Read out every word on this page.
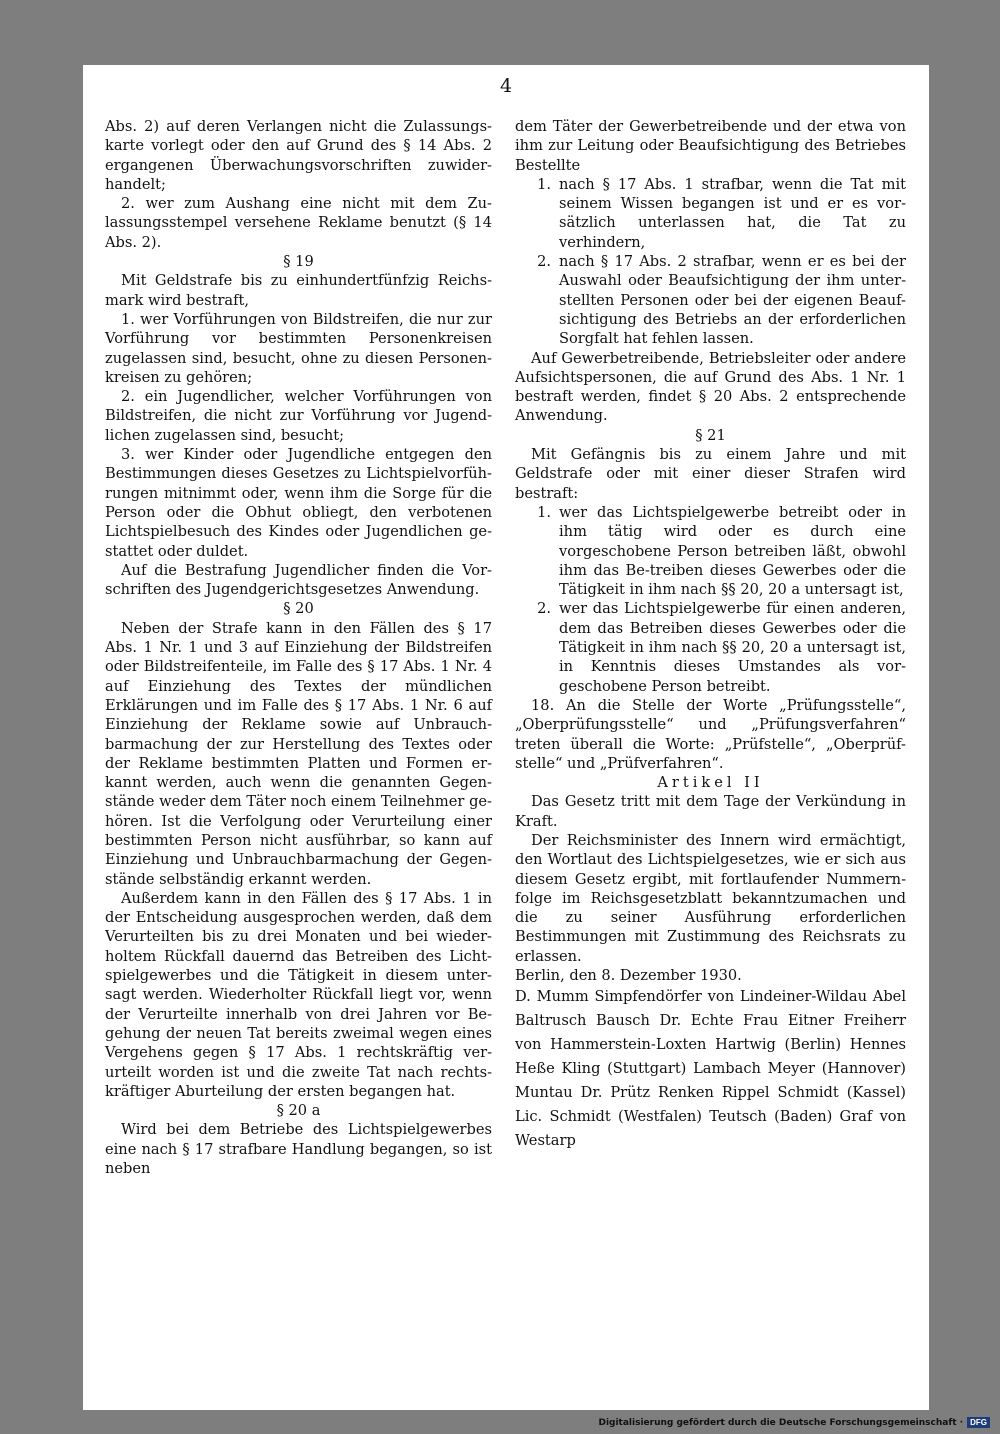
4

Abs. 2) auf deren Verlangen nicht die Zulassungs-karte vorlegt oder den auf Grund des § 14 Abs. 2 ergangenen Überwachungsvorschriften zuwider-handelt;

2. wer zum Aushang eine nicht mit dem Zu-lassungsstempel versehene Reklame benutzt (§ 14 Abs. 2).

§ 19

Mit Geldstrafe bis zu einhundertfünfzig Reichs-mark wird bestraft,

1. wer Vorführungen von Bildstreifen, die nur zur Vorführung vor bestimmten Personenkreisen zugelassen sind, besucht, ohne zu diesen Personen-kreisen zu gehören;

2. ein Jugendlicher, welcher Vorführungen von Bildstreifen, die nicht zur Vorführung vor Jugend-lichen zugelassen sind, besucht;

3. wer Kinder oder Jugendliche entgegen den Bestimmungen dieses Gesetzes zu Lichtspielvorfüh-rungen mitnimmt oder, wenn ihm die Sorge für die Person oder die Obhut obliegt, den verbotenen Lichtspielbesuch des Kindes oder Jugendlichen ge-stattet oder duldet.

Auf die Bestrafung Jugendlicher finden die Vor-schriften des Jugendgerichtsgesetzes Anwendung.

§ 20

Neben der Strafe kann in den Fällen des § 17 Abs. 1 Nr. 1 und 3 auf Einziehung der Bildstreifen oder Bildstreifenteile, im Falle des § 17 Abs. 1 Nr. 4 auf Einziehung des Textes der mündlichen Erklärungen und im Falle des § 17 Abs. 1 Nr. 6 auf Einziehung der Reklame sowie auf Unbrauch-barmachung der zur Herstellung des Textes oder der Reklame bestimmten Platten und Formen er-kannt werden, auch wenn die genannten Gegen-stände weder dem Täter noch einem Teilnehmer ge-hören. Ist die Verfolgung oder Verurteilung einer bestimmten Person nicht ausführbar, so kann auf Einziehung und Unbrauchbarmachung der Gegen-stände selbständig erkannt werden.

Außerdem kann in den Fällen des § 17 Abs. 1 in der Entscheidung ausgesprochen werden, daß dem Verurteilten bis zu drei Monaten und bei wieder-holtem Rückfall dauernd das Betreiben des Licht-spielgewerbes und die Tätigkeit in diesem unter-sagt werden. Wiederholter Rückfall liegt vor, wenn der Verurteilte innerhalb von drei Jahren vor Be-gehung der neuen Tat bereits zweimal wegen eines Vergehens gegen § 17 Abs. 1 rechtskräftig ver-urteilt worden ist und die zweite Tat nach rechts-kräftiger Aburteilung der ersten begangen hat.

§ 20 a

Wird bei dem Betriebe des Lichtspielgewerbes eine nach § 17 strafbare Handlung begangen, so ist neben

dem Täter der Gewerbetreibende und der etwa von ihm zur Leitung oder Beaufsichtigung des Betriebes Bestellte

1. nach § 17 Abs. 1 strafbar, wenn die Tat mit seinem Wissen begangen ist und er es vor-sätzlich unterlassen hat, die Tat zu verhindern,
2. nach § 17 Abs. 2 strafbar, wenn er es bei der Auswahl oder Beaufsichtigung der ihm unter-stellten Personen oder bei der eigenen Beauf-sichtigung des Betriebs an der erforderlichen Sorgfalt hat fehlen lassen.

Auf Gewerbetreibende, Betriebsleiter oder andere Aufsichtspersonen, die auf Grund des Abs. 1 Nr. 1 bestraft werden, findet § 20 Abs. 2 entsprechende Anwendung.

§ 21

Mit Gefängnis bis zu einem Jahre und mit Geldstrafe oder mit einer dieser Strafen wird bestraft:

1. wer das Lichtspielgewerbe betreibt oder in ihm tätig wird oder es durch eine vorgeschobene Person betreiben läßt, obwohl ihm das Be-treiben dieses Gewerbes oder die Tätigkeit in ihm nach §§ 20, 20 a untersagt ist,
2. wer das Lichtspielgewerbe für einen anderen, dem das Betreiben dieses Gewerbes oder die Tätigkeit in ihm nach §§ 20, 20 a untersagt ist, in Kenntnis dieses Umstandes als vor-geschobene Person betreibt.

18. An die Stelle der Worte „Prüfungsstelle“, „Oberprüfungsstelle“ und „Prüfungsverfahren“ treten überall die Worte: „Prüfstelle“, „Oberprüf-stelle“ und „Prüfverfahren“.

Artikel II

Das Gesetz tritt mit dem Tage der Verkündung in Kraft.

Der Reichsminister des Innern wird ermächtigt, den Wortlaut des Lichtspielgesetzes, wie er sich aus diesem Gesetz ergibt, mit fortlaufender Nummern-folge im Reichsgesetzblatt bekanntzumachen und die zu seiner Ausführung erforderlichen Bestimmungen mit Zustimmung des Reichsrats zu erlassen.

Berlin, den 8. Dezember 1930.

D. Mumm Simpfendörfer von Lindeiner-Wildau Abel Baltrusch Bausch Dr. Echte Frau Eitner Freiherr von Hammerstein-Loxten Hartwig (Berlin) Hennes Heße Kling (Stuttgart) Lambach Meyer (Hannover) Muntau Dr. Prütz Renken Rippel Schmidt (Kassel) Lic. Schmidt (Westfalen) Teutsch (Baden) Graf von Westarp

Digitalisierung gefördert durch die Deutsche Forschungsgemeinschaft · DFG
